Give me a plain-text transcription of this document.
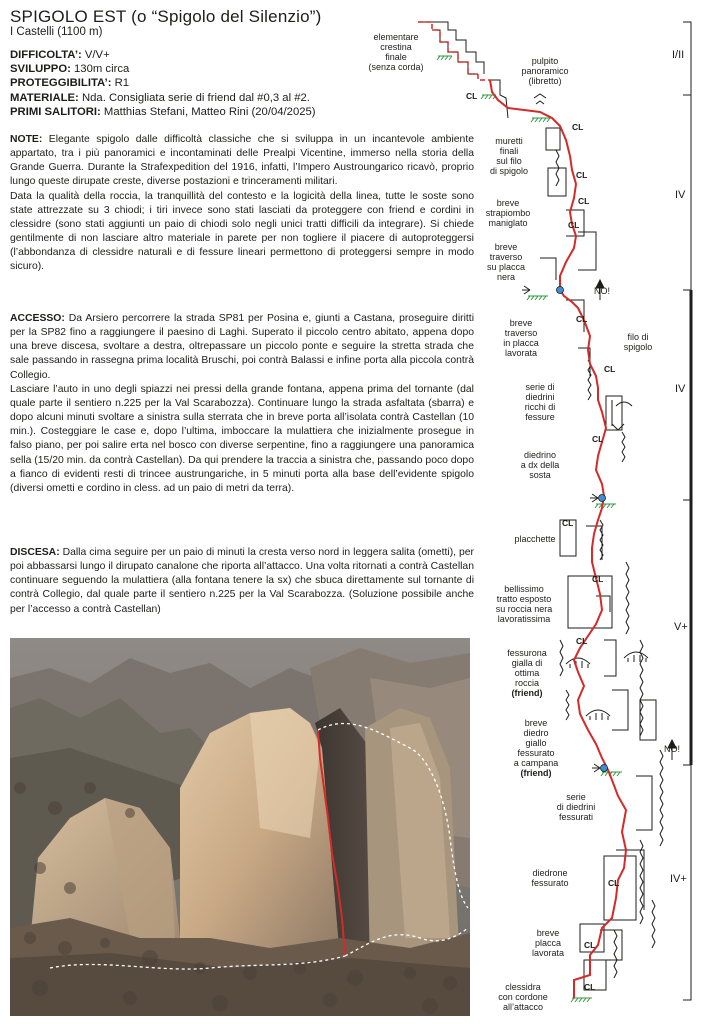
SPIGOLO EST (o “Spigolo del Silenzio”)
I Castelli (1100 m)
DIFFICOLTA’: V/V+
SVILUPPO: 130m circa
PROTEGGIBILITA’: R1
MATERIALE: Nda. Consigliata serie di friend dal #0,3 al #2.
PRIMI SALITORI: Matthias Stefani, Matteo Rini (20/04/2025)

NOTE: Elegante spigolo dalle difficoltà classiche che si sviluppa in un incantevole ambiente appartato, tra i più panoramici e incontaminati delle Prealpi Vicentine, immerso nella storia della Grande Guerra. Durante la Strafexpedition del 1916, infatti, l’Impero Austroungarico ricavò, proprio lungo queste dirupate creste, diverse postazioni e trinceramenti militari.

Data la qualità della roccia, la tranquillità del contesto e la logicità della linea, tutte le soste sono state attrezzate su 3 chiodi; i tiri invece sono stati lasciati da proteggere con friend e cordini in clessidre (sono stati aggiunti un paio di chiodi solo negli unici tratti difficili da integrare). Si chiede gentilmente di non lasciare altro materiale in parete per non togliere il piacere di autoproteggersi (l’abbondanza di clessidre naturali e di fessure lineari permettono di proteggersi sempre in modo sicuro).

ACCESSO: Da Arsiero percorrere la strada SP81 per Posina e, giunti a Castana, proseguire diritti per la SP82 fino a raggiungere il paesino di Laghi. Superato il piccolo centro abitato, appena dopo una breve discesa, svoltare a destra, oltrepassare un piccolo ponte e seguire la stretta strada che sale passando in rassegna prima località Bruschi, poi contrà Balassi e infine porta alla piccola contrà Collegio.

Lasciare l’auto in uno degli spiazzi nei pressi della grande fontana, appena prima del tornante (dal quale parte il sentiero n.225 per la Val Scarabozza). Continuare lungo la strada asfaltata (sbarra) e dopo alcuni minuti svoltare a sinistra sulla sterrata che in breve porta all’isolata contrà Castellan (10 min.). Costeggiare le case e, dopo l’ultima, imboccare la mulattiera che inizialmente prosegue in falso piano, per poi salire erta nel bosco con diverse serpentine, fino a raggiungere una panoramica sella (15/20 min. da contrà Castellan). Da qui prendere la traccia a sinistra che, passando poco dopo a fianco di evidenti resti di trincee austrungariche, in 5 minuti porta alla base dell’evidente spigolo (diversi ometti e cordino in cless. ad un paio di metri da terra).

DISCESA: Dalla cima seguire per un paio di minuti la cresta verso nord in leggera salita (ometti), per poi abbassarsi lungo il dirupato canalone che riporta all’attacco. Una volta ritornati a contrà Castellan continuare seguendo la mulattiera (alla fontana tenere la sx) che sbuca direttamente sul tornante di contrà Collegio, dal quale parte il sentiero n.225 per la Val Scarabozza. (Soluzione possibile anche per l’accesso a contrà Castellan)

I/II
IV
IV
V+
IV+
NO!
NO!
CL
CL
CL
CL
CL
CL
CL
CL
CL
CL
CL
CL
CL
CL
elementare
crestina
finale
(senza corda)
pulpito
panoramico
(libretto)
muretti
finali
sul filo
di spigolo
breve
strapiombo
maniglato
breve
traverso
su placca
nera
breve
traverso
in placca
lavorata
filo di
spigolo
serie di
diedrini
ricchi di
fessure
diedrino
a dx della
sosta
placchette
bellissimo
tratto esposto
su roccia nera
lavoratissima
fessurona
gialla di
ottima
roccia
(friend)
breve
diedro
giallo
fessurato
a campana
(friend)
serie
di diedrini
fessurati
diedrone
fessurato
breve
placca
lavorata
clessidra
con cordone
all’attacco
